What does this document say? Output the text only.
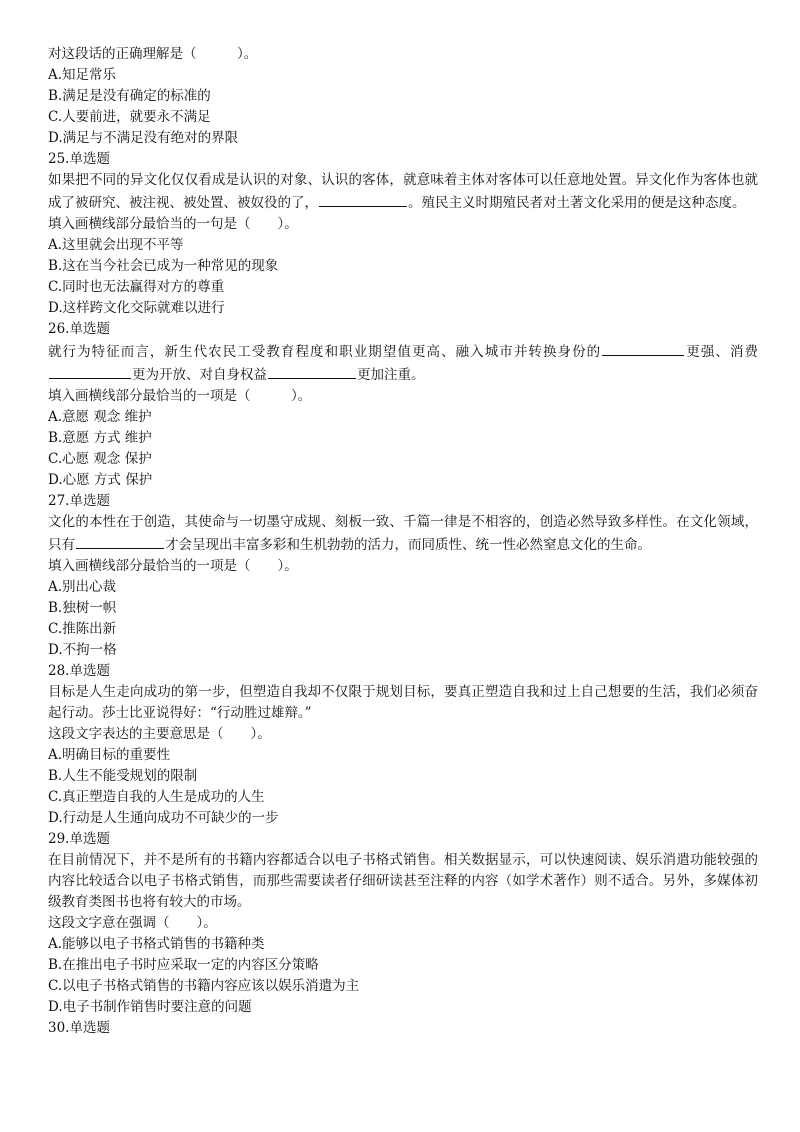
对这段话的正确理解是（　　　）。
A.知足常乐
B.满足是没有确定的标准的
C.人要前进，就要永不满足
D.满足与不满足没有绝对的界限
25.单选题
如果把不同的异文化仅仅看成是认识的对象、认识的客体，就意味着主体对客体可以任意地处置。异文化作为客体也就成了被研究、被注视、被处置、被奴役的了，	。殖民主义时期殖民者对土著文化采用的便是这种态度。
填入画横线部分最恰当的一句是（　　）。
A.这里就会出现不平等
B.这在当今社会已成为一种常见的现象
C.同时也无法赢得对方的尊重
D.这样跨文化交际就难以进行
26.单选题
就行为特征而言，新生代农民工受教育程度和职业期望值更高、融入城市并转换身份的	更强、消费更为开放、对自身权益	更加注重。
填入画横线部分最恰当的一项是（　　　）。
A.意愿 观念 维护
B.意愿 方式 维护
C.心愿 观念 保护
D.心愿 方式 保护
27.单选题
文化的本性在于创造，其使命与一切墨守成规、刻板一致、千篇一律是不相容的，创造必然导致多样性。在文化领域，只有	才会呈现出丰富多彩和生机勃勃的活力，而同质性、统一性必然窒息文化的生命。
填入画横线部分最恰当的一项是（　　）。
A.别出心裁
B.独树一帜
C.推陈出新
D.不拘一格
28.单选题
目标是人生走向成功的第一步，但塑造自我却不仅限于规划目标，要真正塑造自我和过上自己想要的生活，我们必须奋起行动。莎士比亚说得好：“行动胜过雄辩。”
这段文字表达的主要意思是（　　）。
A.明确目标的重要性
B.人生不能受规划的限制
C.真正塑造自我的人生是成功的人生
D.行动是人生通向成功不可缺少的一步
29.单选题
在目前情况下，并不是所有的书籍内容都适合以电子书格式销售。相关数据显示，可以快速阅读、娱乐消遣功能较强的内容比较适合以电子书格式销售，而那些需要读者仔细研读甚至注释的内容（如学术著作）则不适合。另外，多媒体初级教育类图书也将有较大的市场。
这段文字意在强调（　　）。
A.能够以电子书格式销售的书籍种类
B.在推出电子书时应采取一定的内容区分策略
C.以电子书格式销售的书籍内容应该以娱乐消遣为主
D.电子书制作销售时要注意的问题
30.单选题
